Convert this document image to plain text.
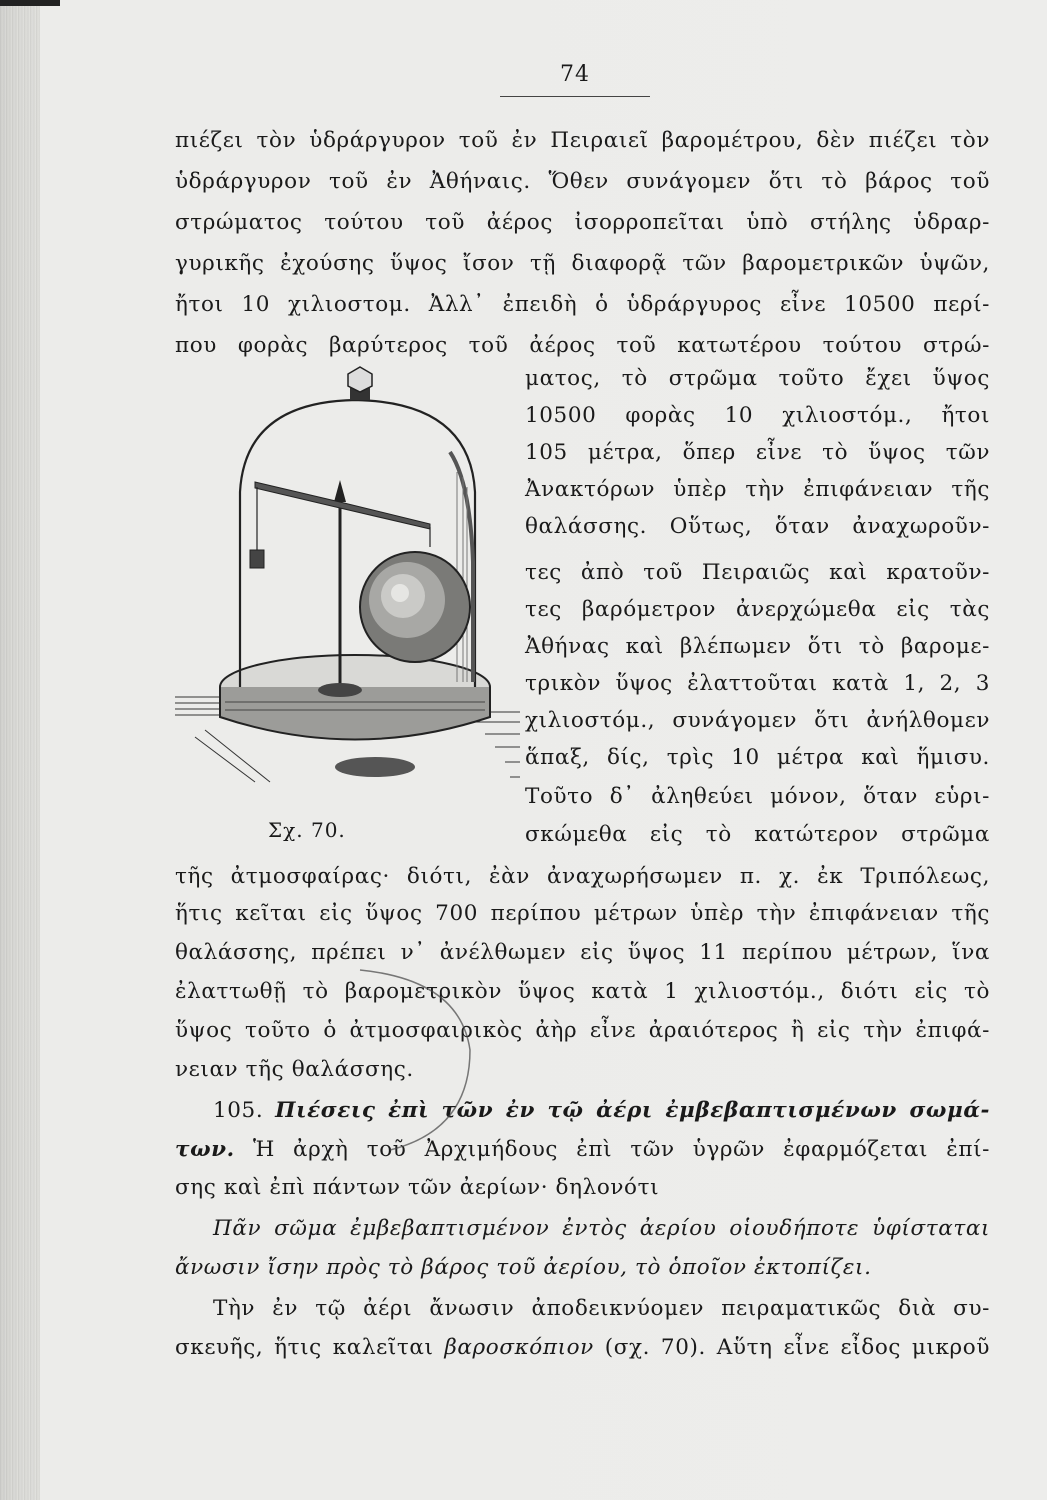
74
πιέζει τὸν ὑδράργυρον τοῦ ἐν Πειραιεῖ βαρομέτρου, δὲν πιέζει τὸν
ὑδράργυρον τοῦ ἐν Ἀθήναις. Ὅθεν συνάγομεν ὅτι τὸ βάρος τοῦ
στρώματος τούτου τοῦ ἀέρος ἰσορροπεῖται ὑπὸ στήλης ὑδραρ-
γυρικῆς ἐχούσης ὕψος ἴσον τῇ διαφορᾷ τῶν βαρομετρικῶν ὑψῶν,
ἤτοι 10 χιλιοστομ. Ἀλλ᾽ ἐπειδὴ ὁ ὑδράργυρος εἶνε 10500 περί-
που φορὰς βαρύτερος τοῦ ἀέρος τοῦ κατωτέρου τούτου στρώ-
ματος, τὸ στρῶμα τοῦτο ἔχει ὕψος
10500 φορὰς 10 χιλιοστόμ., ἤτοι
105 μέτρα, ὅπερ εἶνε τὸ ὕψος τῶν
Ἀνακτόρων ὑπὲρ τὴν ἐπιφάνειαν τῆς
θαλάσσης. Οὕτως, ὅταν ἀναχωροῦν-
τες ἀπὸ τοῦ Πειραιῶς καὶ κρατοῦν-
τες βαρόμετρον ἀνερχώμεθα εἰς τὰς
Ἀθήνας καὶ βλέπωμεν ὅτι τὸ βαρομε-
τρικὸν ὕψος ἐλαττοῦται κατὰ 1, 2, 3
χιλιοστόμ., συνάγομεν ὅτι ἀνήλθομεν
ἅπαξ, δίς, τρὶς 10 μέτρα καὶ ἥμισυ.
Τοῦτο δ᾽ ἀληθεύει μόνον, ὅταν εὑρι-
σκώμεθα εἰς τὸ κατώτερον στρῶμα
Σχ. 70.
τῆς ἀτμοσφαίρας· διότι, ἐὰν ἀναχωρήσωμεν π. χ. ἐκ Τριπόλεως,
ἥτις κεῖται εἰς ὕψος 700 περίπου μέτρων ὑπὲρ τὴν ἐπιφάνειαν τῆς
θαλάσσης, πρέπει ν᾽ ἀνέλθωμεν εἰς ὕψος 11 περίπου μέτρων, ἵνα
ἐλαττωθῇ τὸ βαρομετρικὸν ὕψος κατὰ 1 χιλιοστόμ., διότι εἰς τὸ
ὕψος τοῦτο ὁ ἀτμοσφαιρικὸς ἀὴρ εἶνε ἀραιότερος ἢ εἰς τὴν ἐπιφά-
νειαν τῆς θαλάσσης.
105. Πιέσεις ἐπὶ τῶν ἐν τῷ ἀέρι ἐμβεβαπτισμένων σωμά-
των. Ἡ ἀρχὴ τοῦ Ἀρχιμήδους ἐπὶ τῶν ὑγρῶν ἐφαρμόζεται ἐπί-
σης καὶ ἐπὶ πάντων τῶν ἀερίων· δηλονότι
Πᾶν σῶμα ἐμβεβαπτισμένον ἐντὸς ἀερίου οἱουδήποτε ὑφίσταται
ἄνωσιν ἴσην πρὸς τὸ βάρος τοῦ ἀερίου, τὸ ὁποῖον ἐκτοπίζει.
Τὴν ἐν τῷ ἀέρι ἄνωσιν ἀποδεικνύομεν πειραματικῶς διὰ συ-
σκευῆς, ἥτις καλεῖται βαροσκόπιον (σχ. 70). Αὕτη εἶνε εἶδος μικροῦ
